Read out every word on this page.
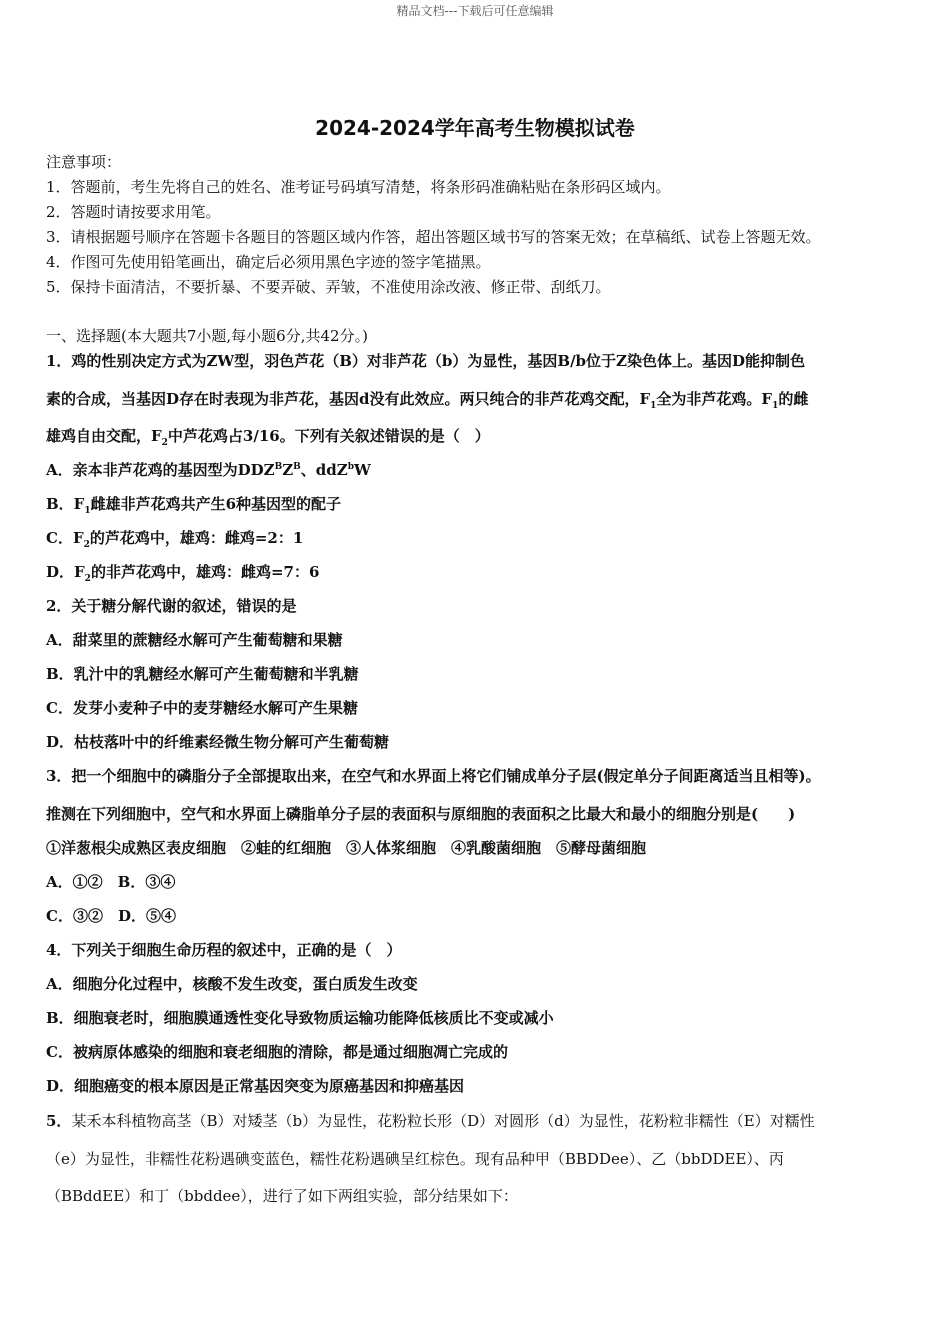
精品文档---下载后可任意编辑
2024-2024学年高考生物模拟试卷
注意事项：
1．答题前，考生先将自己的姓名、准考证号码填写清楚，将条形码准确粘贴在条形码区域内。
2．答题时请按要求用笔。
3．请根据题号顺序在答题卡各题目的答题区域内作答，超出答题区域书写的答案无效；在草稿纸、试卷上答题无效。
4．作图可先使用铅笔画出，确定后必须用黑色字迹的签字笔描黑。
5．保持卡面清洁，不要折暴、不要弄破、弄皱，不准使用涂改液、修正带、刮纸刀。
一、选择题(本大题共7小题,每小题6分,共42分。)
1．鸡的性别决定方式为ZW型，羽色芦花（B）对非芦花（b）为显性，基因B/b位于Z染色体上。基因D能抑制色
素的合成，当基因D存在时表现为非芦花，基因d没有此效应。两只纯合的非芦花鸡交配，$F_1$全为非芦花鸡。$F_1$的雌
雄鸡自由交配，$F_2$中芦花鸡占3/16。下列有关叙述错误的是（　）
A．亲本非芦花鸡的基因型为$DDZ^BZ^B$、ddZ$^b$W
B．$F_1$雌雄非芦花鸡共产生6种基因型的配子
C．$F_2$的芦花鸡中，雄鸡：雌鸡=2：1
D．$F_2$的非芦花鸡中，雄鸡：雌鸡=7：6
2．关于糖分解代谢的叙述，错误的是
A．甜菜里的蔗糖经水解可产生葡萄糖和果糖
B．乳汁中的乳糖经水解可产生葡萄糖和半乳糖
C．发芽小麦种子中的麦芽糖经水解可产生果糖
D．枯枝落叶中的纤维素经微生物分解可产生葡萄糖
3．把一个细胞中的磷脂分子全部提取出来，在空气和水界面上将它们铺成单分子层(假定单分子间距离适当且相等)。
推测在下列细胞中，空气和水界面上磷脂单分子层的表面积与原细胞的表面积之比最大和最小的细胞分别是(　　)
①洋葱根尖成熟区表皮细胞　②蛙的红细胞　③人体浆细胞　④乳酸菌细胞　⑤酵母菌细胞
A．①②　B．③④
C．③②　D．⑤④
4．下列关于细胞生命历程的叙述中，正确的是（　）
A．细胞分化过程中，核酸不发生改变，蛋白质发生改变
B．细胞衰老时，细胞膜通透性变化导致物质运输功能降低核质比不变或减小
C．被病原体感染的细胞和衰老细胞的清除，都是通过细胞凋亡完成的
D．细胞癌变的根本原因是正常基因突变为原癌基因和抑癌基因
5．某禾本科植物高茎（B）对矮茎（b）为显性，花粉粒长形（D）对圆形（d）为显性，花粉粒非糯性（E）对糯性
（e）为显性，非糯性花粉遇碘变蓝色，糯性花粉遇碘呈红棕色。现有品种甲（BBDDee）、乙（bbDDEE）、丙
（BBddEE）和丁（bbddee），进行了如下两组实验，部分结果如下：
